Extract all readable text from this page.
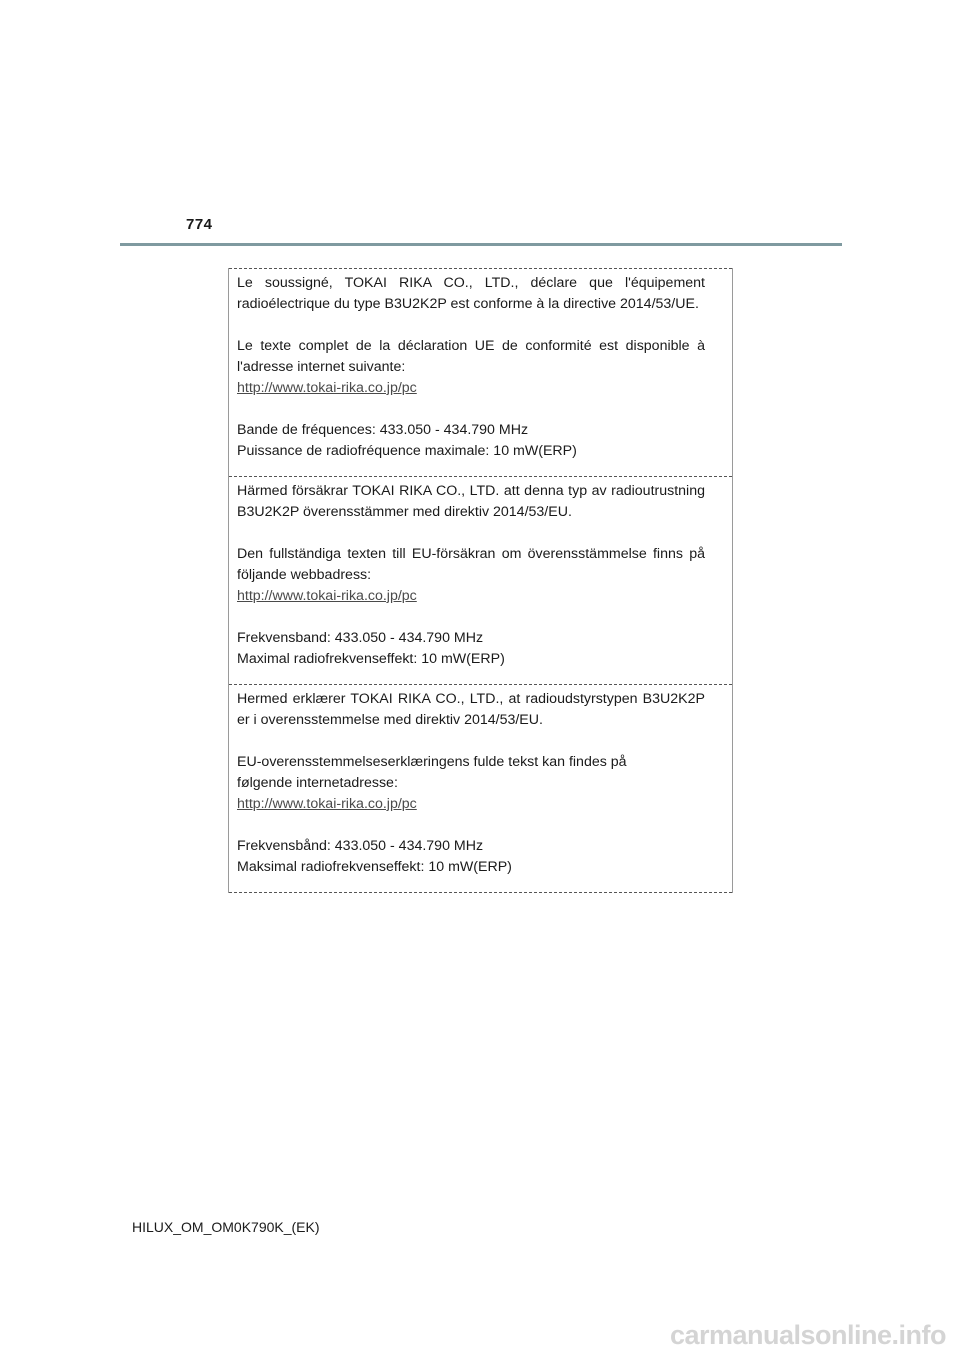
774

Le soussigné, TOKAI RIKA CO., LTD., déclare que l'équipement radioélectrique du type B3U2K2P est conforme à la directive 2014/53/UE.

Le texte complet de la déclaration UE de conformité est disponible à l'adresse internet suivante:
http://www.tokai-rika.co.jp/pc

Bande de fréquences: 433.050 - 434.790 MHz
Puissance de radiofréquence maximale: 10 mW(ERP)

Härmed försäkrar TOKAI RIKA CO., LTD. att denna typ av radioutrustning B3U2K2P överensstämmer med direktiv 2014/53/EU.

Den fullständiga texten till EU-försäkran om överensstämmelse finns på följande webbadress:
http://www.tokai-rika.co.jp/pc

Frekvensband: 433.050 - 434.790 MHz
Maximal radiofrekvenseffekt: 10 mW(ERP)

Hermed erklærer TOKAI RIKA CO., LTD., at radioudstyrstypen B3U2K2P er i overensstemmelse med direktiv 2014/53/EU.

EU-overensstemmelseserklæringens fulde tekst kan findes på
følgende internetadresse:
http://www.tokai-rika.co.jp/pc

Frekvensbånd: 433.050 - 434.790 MHz
Maksimal radiofrekvenseffekt: 10 mW(ERP)

HILUX_OM_OM0K790K_(EK)
carmanualsonline.info
